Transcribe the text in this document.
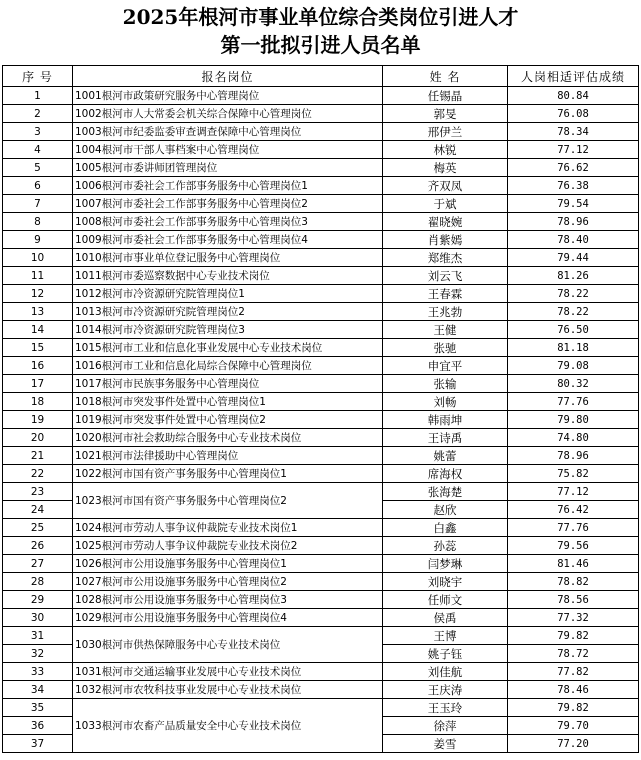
2025年根河市事业单位综合类岗位引进人才
第一批拟引进人员名单
序 号	报名岗位	姓 名	人岗相适评估成绩
1	1001根河市政策研究服务中心管理岗位	任锡晶	80.84
2	1002根河市人大常委会机关综合保障中心管理岗位	郭旻	76.08
3	1003根河市纪委监委审查调查保障中心管理岗位	邢伊兰	78.34
4	1004根河市干部人事档案中心管理岗位	林锐	77.12
5	1005根河市委讲师团管理岗位	梅英	76.62
6	1006根河市委社会工作部事务服务中心管理岗位1	齐双凤	76.38
7	1007根河市委社会工作部事务服务中心管理岗位2	于斌	79.54
8	1008根河市委社会工作部事务服务中心管理岗位3	翟晓婉	78.96
9	1009根河市委社会工作部事务服务中心管理岗位4	肖紫嫣	78.40
10	1010根河市事业单位登记服务中心管理岗位	郑维杰	79.44
11	1011根河市委巡察数据中心专业技术岗位	刘云飞	81.26
12	1012根河市冷资源研究院管理岗位1	王春霖	78.22
13	1013根河市冷资源研究院管理岗位2	王兆勃	78.22
14	1014根河市冷资源研究院管理岗位3	王健	76.50
15	1015根河市工业和信息化事业发展中心专业技术岗位	张驰	81.18
16	1016根河市工业和信息化局综合保障中心管理岗位	申宜平	79.08
17	1017根河市民族事务服务中心管理岗位	张输	80.32
18	1018根河市突发事件处置中心管理岗位1	刘畅	77.76
19	1019根河市突发事件处置中心管理岗位2	韩雨坤	79.80
20	1020根河市社会救助综合服务中心专业技术岗位	王诗禹	74.80
21	1021根河市法律援助中心管理岗位	姚蕾	78.96
22	1022根河市国有资产事务服务中心管理岗位1	席海权	75.82
23	1023根河市国有资产事务服务中心管理岗位2	张海楚	77.12
24		赵欣	76.42
25	1024根河市劳动人事争议仲裁院专业技术岗位1	白鑫	77.76
26	1025根河市劳动人事争议仲裁院专业技术岗位2	孙蕊	79.56
27	1026根河市公用设施事务服务中心管理岗位1	闫梦琳	81.46
28	1027根河市公用设施事务服务中心管理岗位2	刘晓宇	78.82
29	1028根河市公用设施事务服务中心管理岗位3	任师文	78.56
30	1029根河市公用设施事务服务中心管理岗位4	侯禹	77.32
31	1030根河市供热保障服务中心专业技术岗位	王博	79.82
32		姚子钰	78.72
33	1031根河市交通运输事业发展中心专业技术岗位	刘佳航	77.82
34	1032根河市农牧科技事业发展中心专业技术岗位	王庆涛	78.46
35	1033根河市农畜产品质量安全中心专业技术岗位	王玉玲	79.82
36		徐萍	79.70
37		姜雪	77.20
